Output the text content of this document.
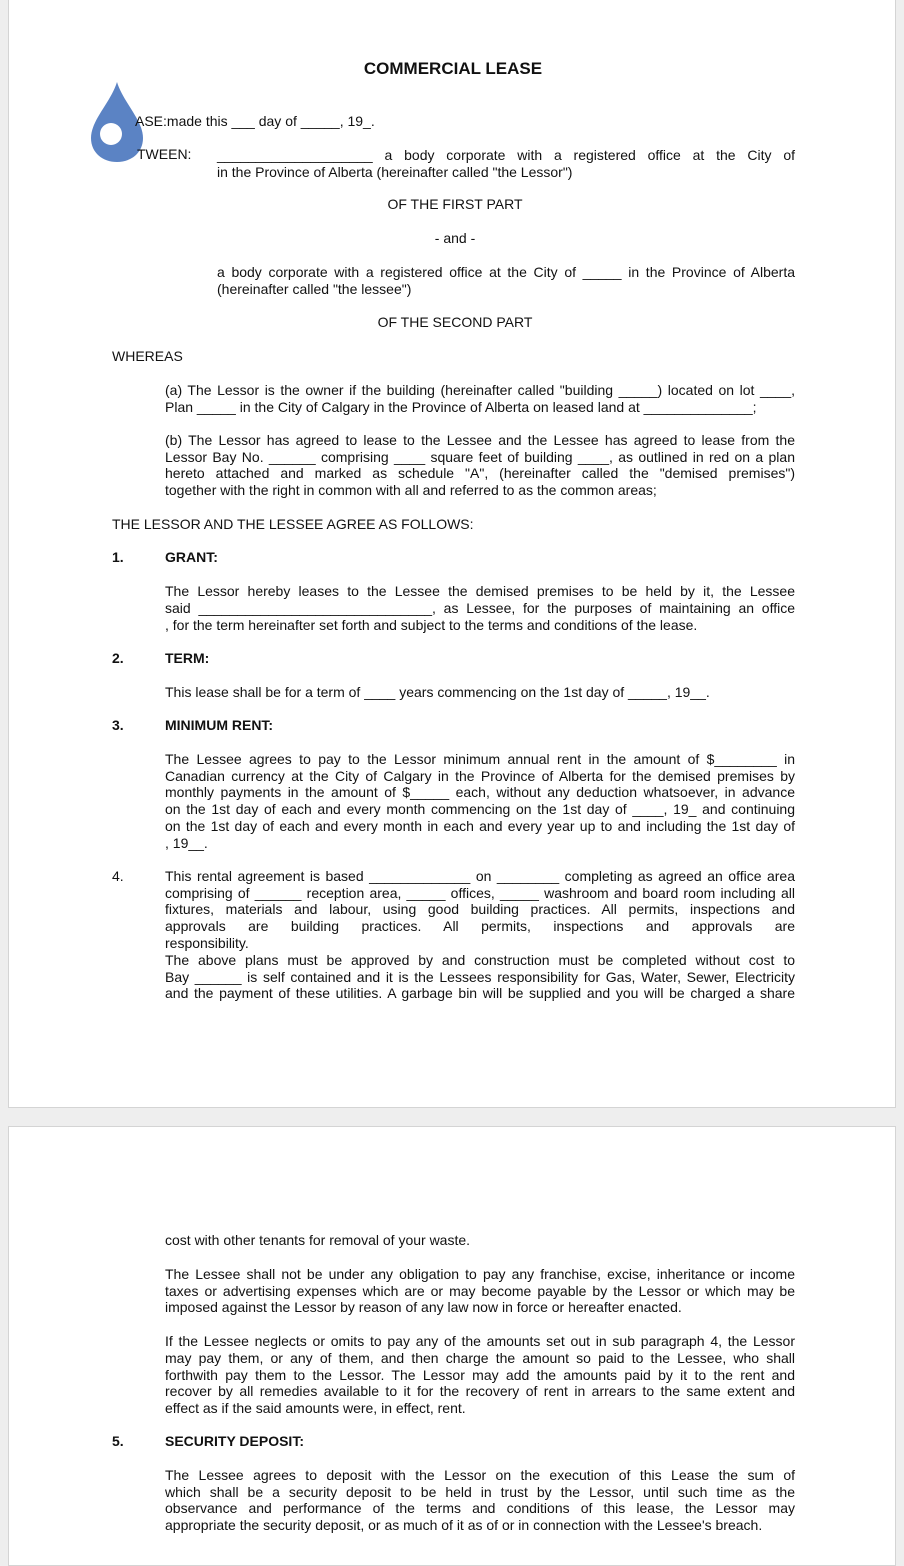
COMMERCIAL LEASE
ASE:made this ___ day of _____, 19_.
TWEEN: ____________________ a body corporate with a registered office at the City of
in the Province of Alberta (hereinafter called "the Lessor")
OF THE FIRST PART
- and -
a body corporate with a registered office at the City of _____ in the Province of Alberta
(hereinafter called "the lessee")
OF THE SECOND PART
WHEREAS
(a) The Lessor is the owner if the building (hereinafter called "building _____) located on lot ____,
Plan _____ in the City of Calgary in the Province of Alberta on leased land at ______________;
(b) The Lessor has agreed to lease to the Lessee and the Lessee has agreed to lease from the
Lessor Bay No. ______ comprising ____ square feet of building ____, as outlined in red on a plan
hereto attached and marked as schedule "A", (hereinafter called the "demised premises")
together with the right in common with all and referred to as the common areas;
THE LESSOR AND THE LESSEE AGREE AS FOLLOWS:
1.	GRANT:
The Lessor hereby leases to the Lessee the demised premises to be held by it, the Lessee
said ______________________________, as Lessee, for the purposes of maintaining an office
, for the term hereinafter set forth and subject to the terms and conditions of the lease.
2.	TERM:
This lease shall be for a term of ____ years commencing on the 1st day of _____, 19__.
3.	MINIMUM RENT:
The Lessee agrees to pay to the Lessor minimum annual rent in the amount of $________ in
Canadian currency at the City of Calgary in the Province of Alberta for the demised premises by
monthly payments in the amount of $_____ each, without any deduction whatsoever, in advance
on the 1st day of each and every month commencing on the 1st day of ____, 19_ and continuing
on the 1st day of each and every month in each and every year up to and including the 1st day of
, 19__.
4.	This rental agreement is based _____________ on ________ completing as agreed an office area
comprising of ______ reception area, _____ offices, _____ washroom and board room including all
fixtures, materials and labour, using good building practices. All permits, inspections and
approvals are building practices. All permits, inspections and approvals are
responsibility.
The above plans must be approved by and construction must be completed without cost to
Bay ______ is self contained and it is the Lessees responsibility for Gas, Water, Sewer, Electricity
and the payment of these utilities. A garbage bin will be supplied and you will be charged a share
cost with other tenants for removal of your waste.
The Lessee shall not be under any obligation to pay any franchise, excise, inheritance or income
taxes or advertising expenses which are or may become payable by the Lessor or which may be
imposed against the Lessor by reason of any law now in force or hereafter enacted.
If the Lessee neglects or omits to pay any of the amounts set out in sub paragraph 4, the Lessor
may pay them, or any of them, and then charge the amount so paid to the Lessee, who shall
forthwith pay them to the Lessor. The Lessor may add the amounts paid by it to the rent and
recover by all remedies available to it for the recovery of rent in arrears to the same extent and
effect as if the said amounts were, in effect, rent.
5.	SECURITY DEPOSIT:
The Lessee agrees to deposit with the Lessor on the execution of this Lease the sum of
which shall be a security deposit to be held in trust by the Lessor, until such time as the
observance and performance of the terms and conditions of this lease, the Lessor may
appropriate the security deposit, or as much of it as of or in connection with the Lessee's breach.
